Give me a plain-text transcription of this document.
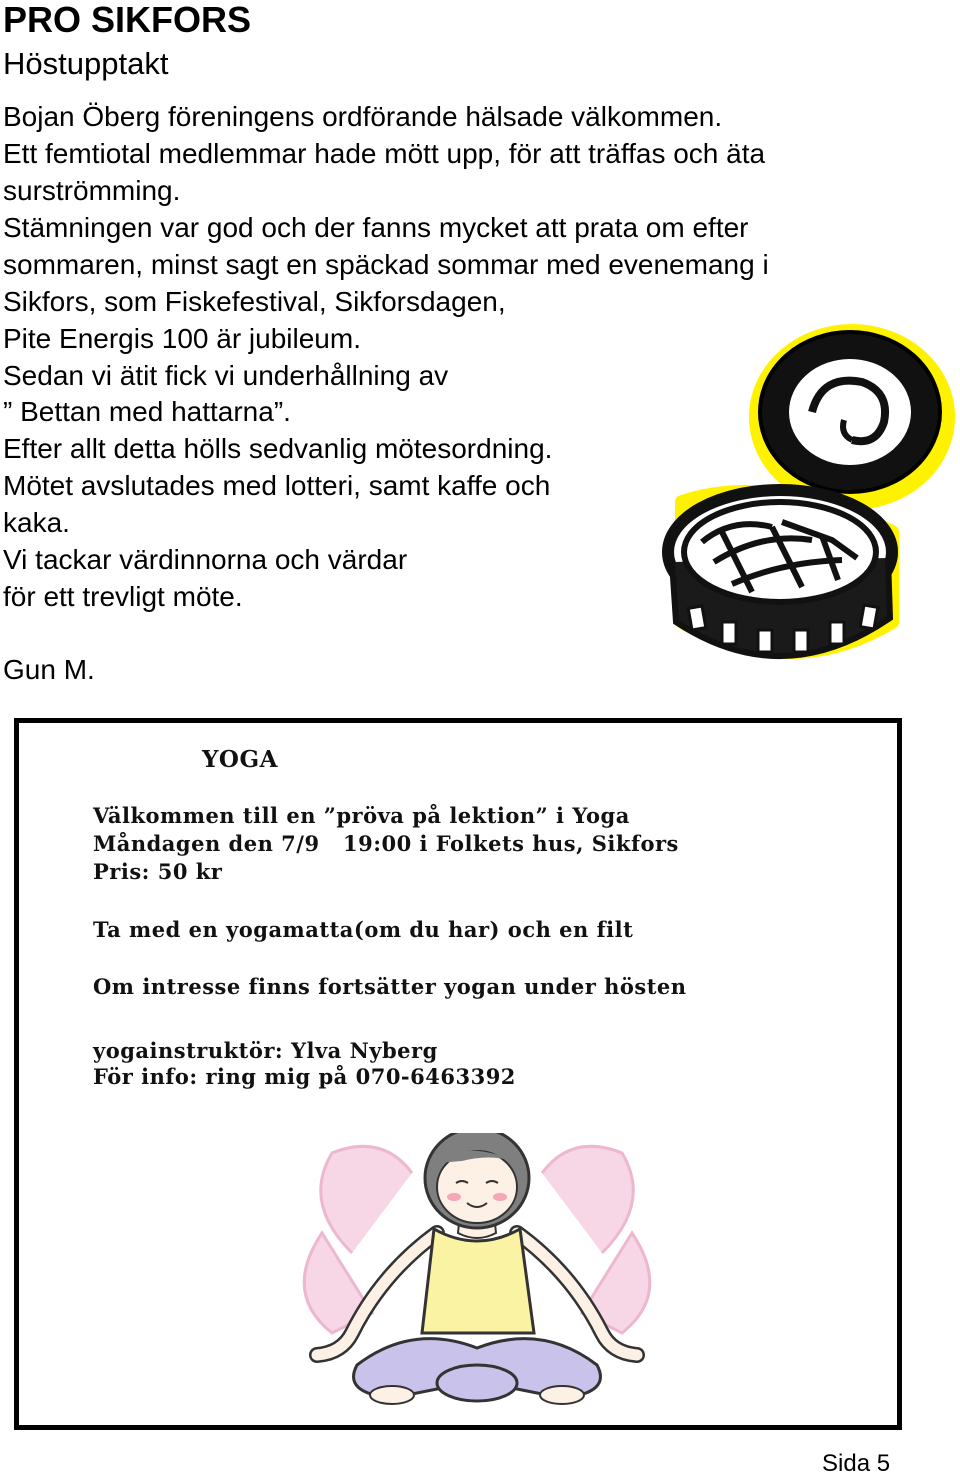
PRO SIKFORS
Höstupptakt
Bojan Öberg föreningens ordförande hälsade välkommen.
Ett femtiotal medlemmar hade mött upp, för att träffas och äta
surströmming.
Stämningen var god och der fanns mycket att prata om efter
sommaren, minst sagt en späckad sommar med evenemang i
Sikfors, som Fiskefestival, Sikforsdagen,
Pite Energis 100 är jubileum.
Sedan vi ätit fick vi underhållning av
” Bettan med hattarna”.
Efter allt detta hölls sedvanlig mötesordning.
Mötet avslutades med lotteri, samt kaffe och
kaka.
Vi tackar värdinnorna och värdar
för ett trevligt möte.
Gun M.
YOGA
Välkommen till en ”pröva på lektion” i Yoga
Måndagen den 7/9   19:00 i Folkets hus, Sikfors
Pris: 50 kr
Ta med en yogamatta(om du har) och en filt
Om intresse finns fortsätter yogan under hösten
yogainstruktör: Ylva Nyberg
För info: ring mig på 070-6463392
Sida 5
